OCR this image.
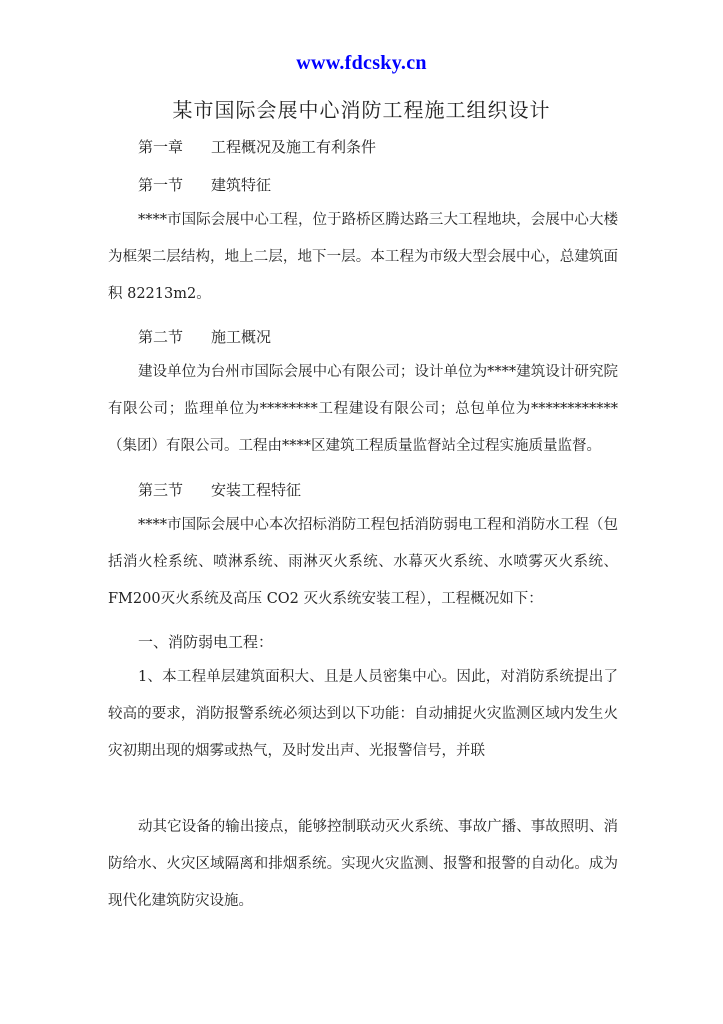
www.fdcsky.cn
某市国际会展中心消防工程施工组织设计
第一章 工程概况及施工有利条件
第一节 建筑特征

****市国际会展中心工程，位于路桥区腾达路三大工程地块，会展中心大楼为框架二层结构，地上二层，地下一层。本工程为市级大型会展中心，总建筑面积 82213m2。

第二节 施工概况

建设单位为台州市国际会展中心有限公司；设计单位为****建筑设计研究院有限公司；监理单位为********工程建设有限公司；总包单位为************（集团）有限公司。工程由****区建筑工程质量监督站全过程实施质量监督。

第三节 安装工程特征

****市国际会展中心本次招标消防工程包括消防弱电工程和消防水工程（包括消火栓系统、喷淋系统、雨淋灭火系统、水幕灭火系统、水喷雾灭火系统、FM200灭火系统及高压 CO2 灭火系统安装工程），工程概况如下：

一、消防弱电工程：

1、本工程单层建筑面积大、且是人员密集中心。因此，对消防系统提出了较高的要求，消防报警系统必须达到以下功能：自动捕捉火灾监测区域内发生火灾初期出现的烟雾或热气，及时发出声、光报警信号，并联

动其它设备的输出接点，能够控制联动灭火系统、事故广播、事故照明、消防给水、火灾区域隔离和排烟系统。实现火灾监测、报警和报警的自动化。成为现代化建筑防灾设施。
